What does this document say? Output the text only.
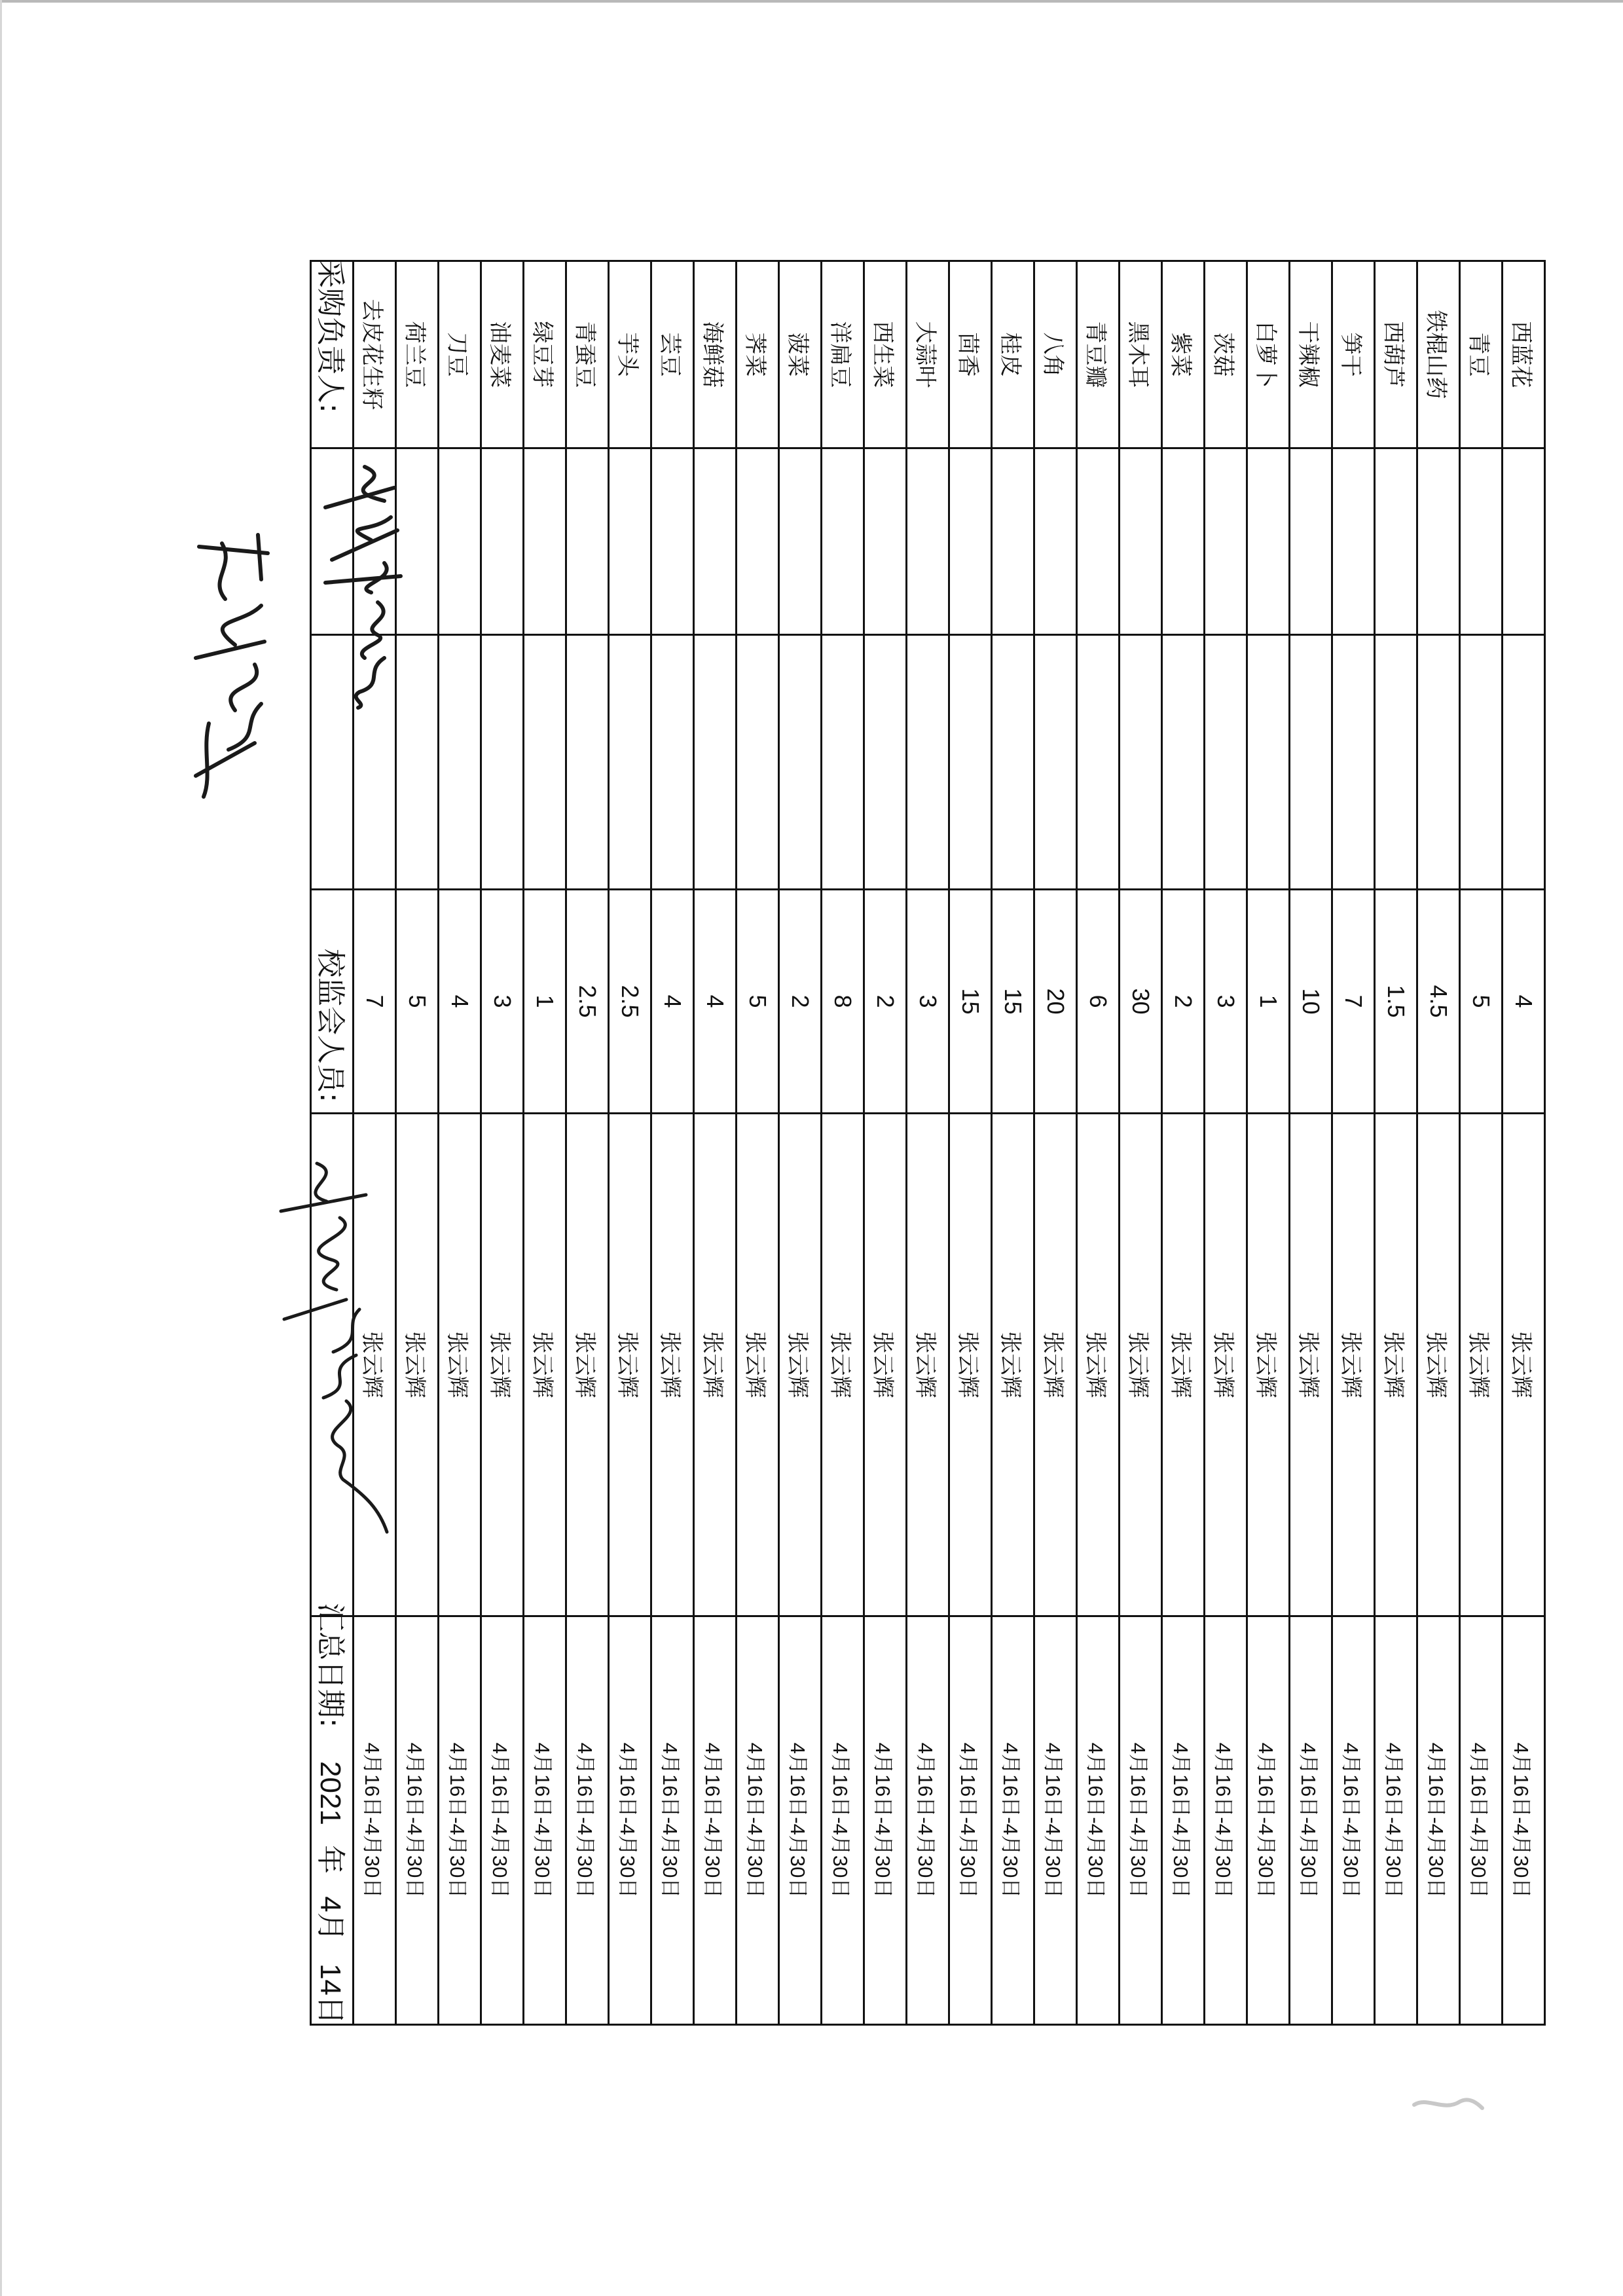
西蓝花			4	张云辉	4月16日-4月30日
青豆			5	张云辉	4月16日-4月30日
铁棍山药			4.5	张云辉	4月16日-4月30日
西葫芦			1.5	张云辉	4月16日-4月30日
笋干			7	张云辉	4月16日-4月30日
干辣椒			10	张云辉	4月16日-4月30日
白萝卜			1	张云辉	4月16日-4月30日
茨菇			3	张云辉	4月16日-4月30日
紫菜			2	张云辉	4月16日-4月30日
黑木耳			30	张云辉	4月16日-4月30日
青豆瓣			6	张云辉	4月16日-4月30日
八角			20	张云辉	4月16日-4月30日
桂皮			15	张云辉	4月16日-4月30日
茴香			15	张云辉	4月16日-4月30日
大蒜叶			3	张云辉	4月16日-4月30日
西生菜			2	张云辉	4月16日-4月30日
洋扁豆			8	张云辉	4月16日-4月30日
菠菜			2	张云辉	4月16日-4月30日
荠菜			5	张云辉	4月16日-4月30日
海鲜菇			4	张云辉	4月16日-4月30日
芸豆			4	张云辉	4月16日-4月30日
芋头			2.5	张云辉	4月16日-4月30日
青蚕豆			2.5	张云辉	4月16日-4月30日
绿豆芽			1	张云辉	4月16日-4月30日
油麦菜			3	张云辉	4月16日-4月30日
刀豆			4	张云辉	4月16日-4月30日
荷兰豆			5	张云辉	4月16日-4月30日
去皮花生籽			7	张云辉	4月16日-4月30日

采购负责人:
校监会人员:
汇总日期:
2021 年 4月 14日
